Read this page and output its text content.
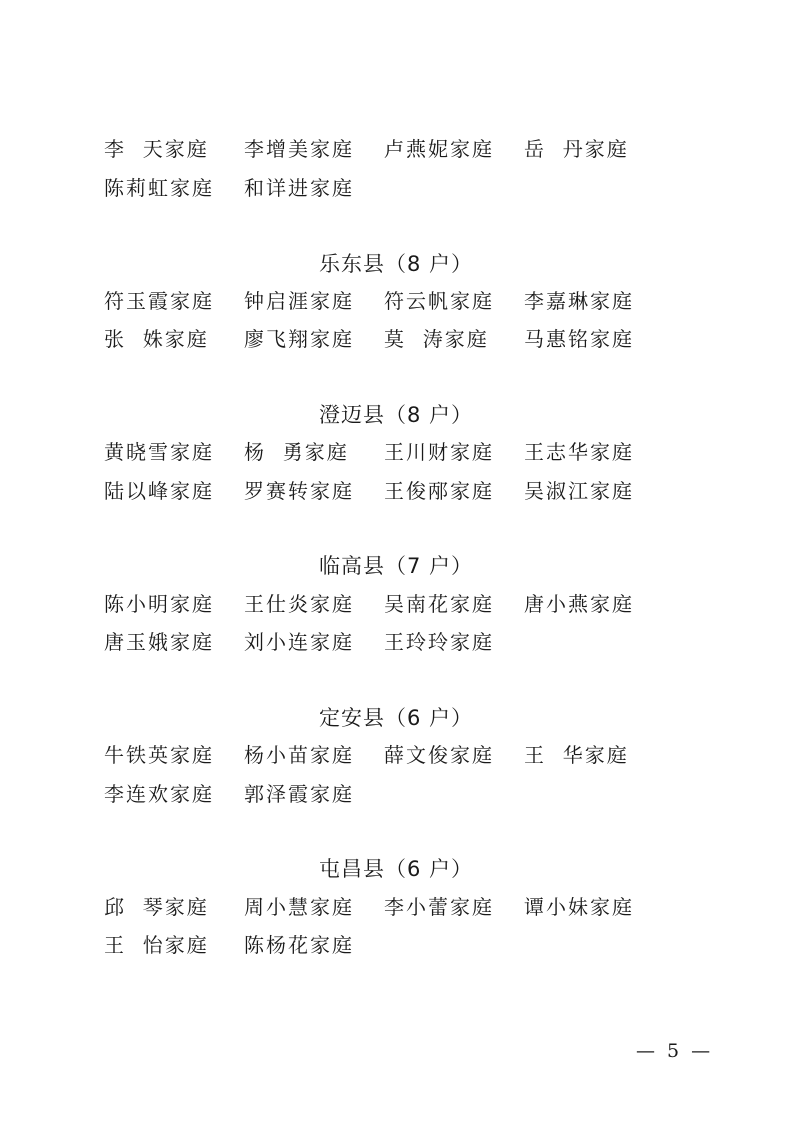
李  天家庭 李增美家庭 卢燕妮家庭 岳  丹家庭
陈莉虹家庭 和详进家庭
乐东县（8 户）
符玉霞家庭 钟启涯家庭 符云帆家庭 李嘉琳家庭
张  姝家庭 廖飞翔家庭 莫  涛家庭 马惠铭家庭
澄迈县（8 户）
黄晓雪家庭 杨  勇家庭 王川财家庭 王志华家庭
陆以峰家庭 罗赛转家庭 王俊邴家庭 吴淑江家庭
临高县（7 户）
陈小明家庭 王仕炎家庭 吴南花家庭 唐小燕家庭
唐玉娥家庭 刘小连家庭 王玲玲家庭
定安县（6 户）
牛铁英家庭 杨小苗家庭 薛文俊家庭 王  华家庭
李连欢家庭 郭泽霞家庭
屯昌县（6 户）
邱  琴家庭 周小慧家庭 李小蕾家庭 谭小妹家庭
王  怡家庭 陈杨花家庭
— 5 —
